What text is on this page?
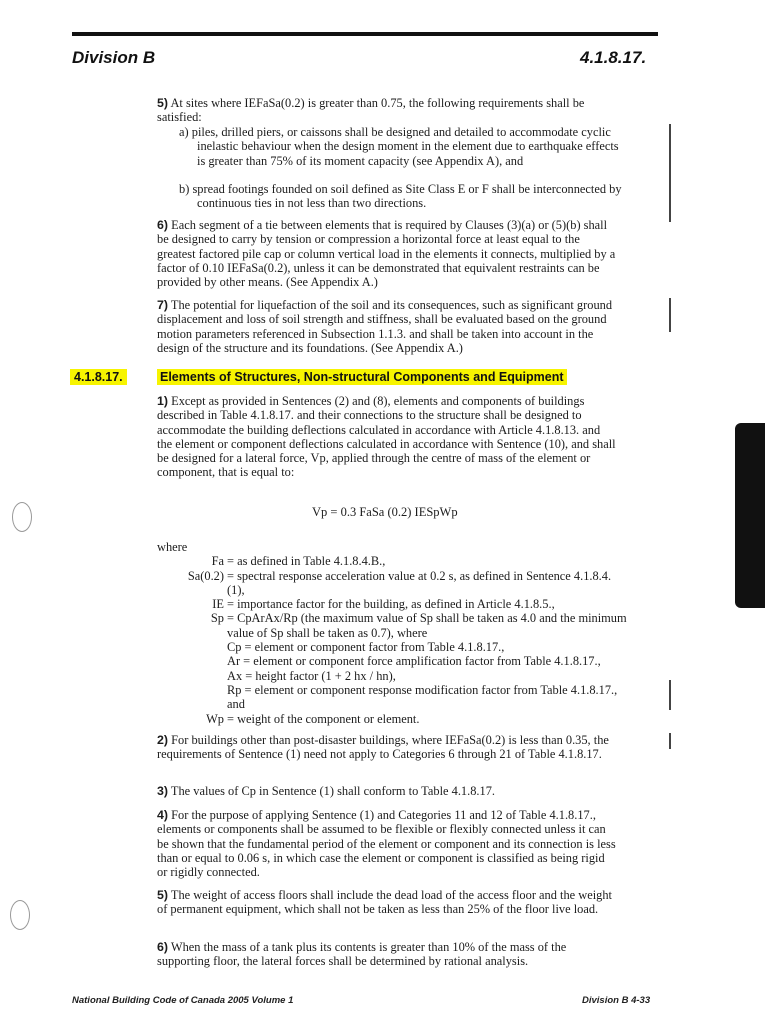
Division B	4.1.8.17.
5) At sites where IEFaSa(0.2) is greater than 0.75, the following requirements shall be satisfied:
a) piles, drilled piers, or caissons shall be designed and detailed to accommodate cyclic inelastic behaviour when the design moment in the element due to earthquake effects is greater than 75% of its moment capacity (see Appendix A), and
b) spread footings founded on soil defined as Site Class E or F shall be interconnected by continuous ties in not less than two directions.
6) Each segment of a tie between elements that is required by Clauses (3)(a) or (5)(b) shall be designed to carry by tension or compression a horizontal force at least equal to the greatest factored pile cap or column vertical load in the elements it connects, multiplied by a factor of 0.10 IEFaSa(0.2), unless it can be demonstrated that equivalent restraints can be provided by other means. (See Appendix A.)
7) The potential for liquefaction of the soil and its consequences, such as significant ground displacement and loss of soil strength and stiffness, shall be evaluated based on the ground motion parameters referenced in Subsection 1.1.3. and shall be taken into account in the design of the structure and its foundations. (See Appendix A.)
4.1.8.17.	Elements of Structures, Non-structural Components and Equipment
1) Except as provided in Sentences (2) and (8), elements and components of buildings described in Table 4.1.8.17. and their connections to the structure shall be designed to accommodate the building deflections calculated in accordance with Article 4.1.8.13. and the element or component deflections calculated in accordance with Sentence (10), and shall be designed for a lateral force, Vp, applied through the centre of mass of the element or component, that is equal to:
Vp = 0.3 FaSa (0.2) IESpWp
where
Fa = as defined in Table 4.1.8.4.B.,
Sa(0.2) = spectral response acceleration value at 0.2 s, as defined in Sentence 4.1.8.4.(1),
IE = importance factor for the building, as defined in Article 4.1.8.5.,
Sp = CpArAx/Rp (the maximum value of Sp shall be taken as 4.0 and the minimum value of Sp shall be taken as 0.7), where
Cp = element or component factor from Table 4.1.8.17.,
Ar = element or component force amplification factor from Table 4.1.8.17.,
Ax = height factor (1 + 2 hx / hn),
Rp = element or component response modification factor from Table 4.1.8.17., and
Wp = weight of the component or element.
2) For buildings other than post-disaster buildings, where IEFaSa(0.2) is less than 0.35, the requirements of Sentence (1) need not apply to Categories 6 through 21 of Table 4.1.8.17.
3) The values of Cp in Sentence (1) shall conform to Table 4.1.8.17.
4) For the purpose of applying Sentence (1) and Categories 11 and 12 of Table 4.1.8.17., elements or components shall be assumed to be flexible or flexibly connected unless it can be shown that the fundamental period of the element or component and its connection is less than or equal to 0.06 s, in which case the element or component is classified as being rigid or rigidly connected.
5) The weight of access floors shall include the dead load of the access floor and the weight of permanent equipment, which shall not be taken as less than 25% of the floor live load.
6) When the mass of a tank plus its contents is greater than 10% of the mass of the supporting floor, the lateral forces shall be determined by rational analysis.
National Building Code of Canada 2005 Volume 1	Division B 4-33
